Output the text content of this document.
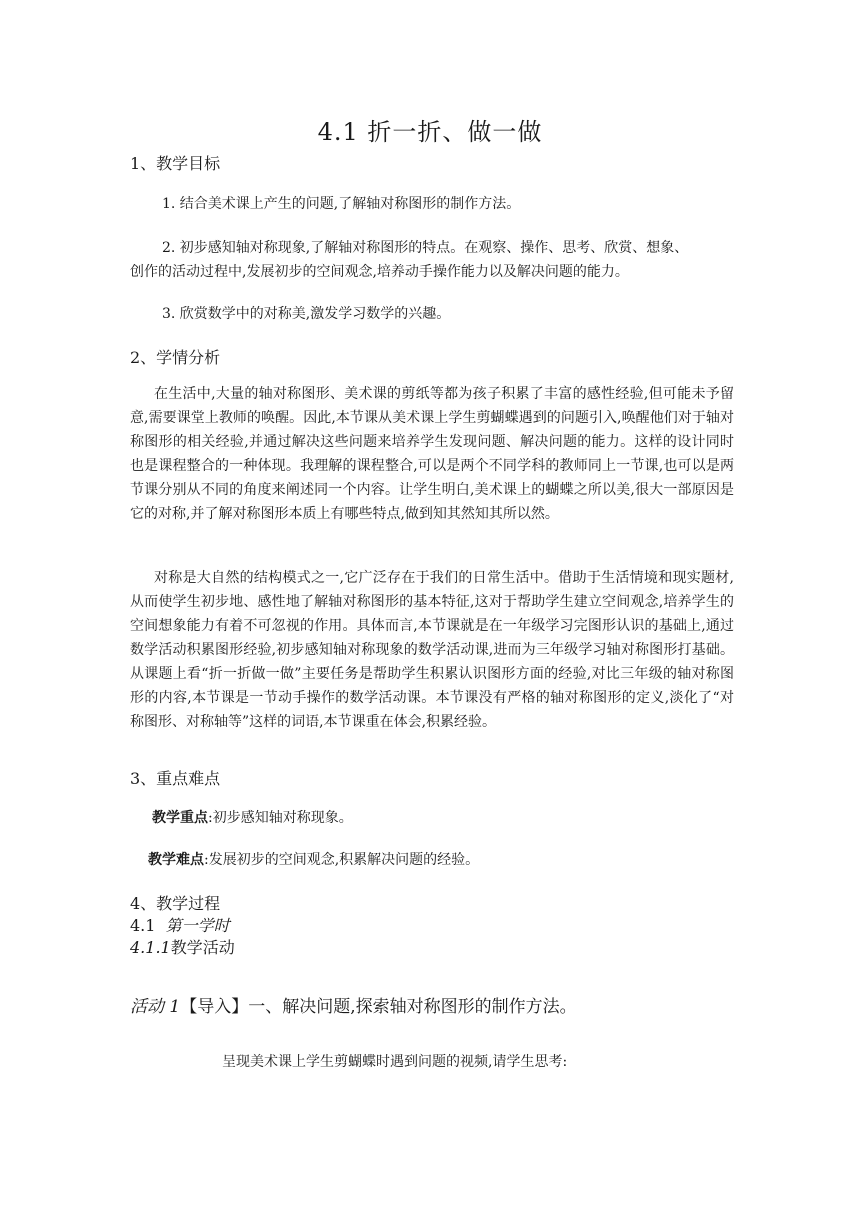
4.1 折一折、做一做
1、教学目标
1. 结合美术课上产生的问题,了解轴对称图形的制作方法。
2. 初步感知轴对称现象,了解轴对称图形的特点。在观察、操作、思考、欣赏、想象、
创作的活动过程中,发展初步的空间观念,培养动手操作能力以及解决问题的能力。
3. 欣赏数学中的对称美,激发学习数学的兴趣。
2、学情分析
在生活中,大量的轴对称图形、美术课的剪纸等都为孩子积累了丰富的感性经验,但可能未予留意,需要课堂上教师的唤醒。因此,本节课从美术课上学生剪蝴蝶遇到的问题引入,唤醒他们对于轴对称图形的相关经验,并通过解决这些问题来培养学生发现问题、解决问题的能力。这样的设计同时也是课程整合的一种体现。我理解的课程整合,可以是两个不同学科的教师同上一节课,也可以是两节课分别从不同的角度来阐述同一个内容。让学生明白,美术课上的蝴蝶之所以美,很大一部原因是它的对称,并了解对称图形本质上有哪些特点,做到知其然知其所以然。
对称是大自然的结构模式之一,它广泛存在于我们的日常生活中。借助于生活情境和现实题材,从而使学生初步地、感性地了解轴对称图形的基本特征,这对于帮助学生建立空间观念,培养学生的空间想象能力有着不可忽视的作用。具体而言,本节课就是在一年级学习完图形认识的基础上,通过数学活动积累图形经验,初步感知轴对称现象的数学活动课,进而为三年级学习轴对称图形打基础。从课题上看“折一折做一做”主要任务是帮助学生积累认识图形方面的经验,对比三年级的轴对称图形的内容,本节课是一节动手操作的数学活动课。本节课没有严格的轴对称图形的定义,淡化了“对称图形、对称轴等”这样的词语,本节课重在体会,积累经验。
3、重点难点
教学重点:初步感知轴对称现象。
教学难点:发展初步的空间观念,积累解决问题的经验。
4、教学过程
4.1 第一学时
4.1.1教学活动
活动 1【导入】一、解决问题,探索轴对称图形的制作方法。
呈现美术课上学生剪蝴蝶时遇到问题的视频,请学生思考:
